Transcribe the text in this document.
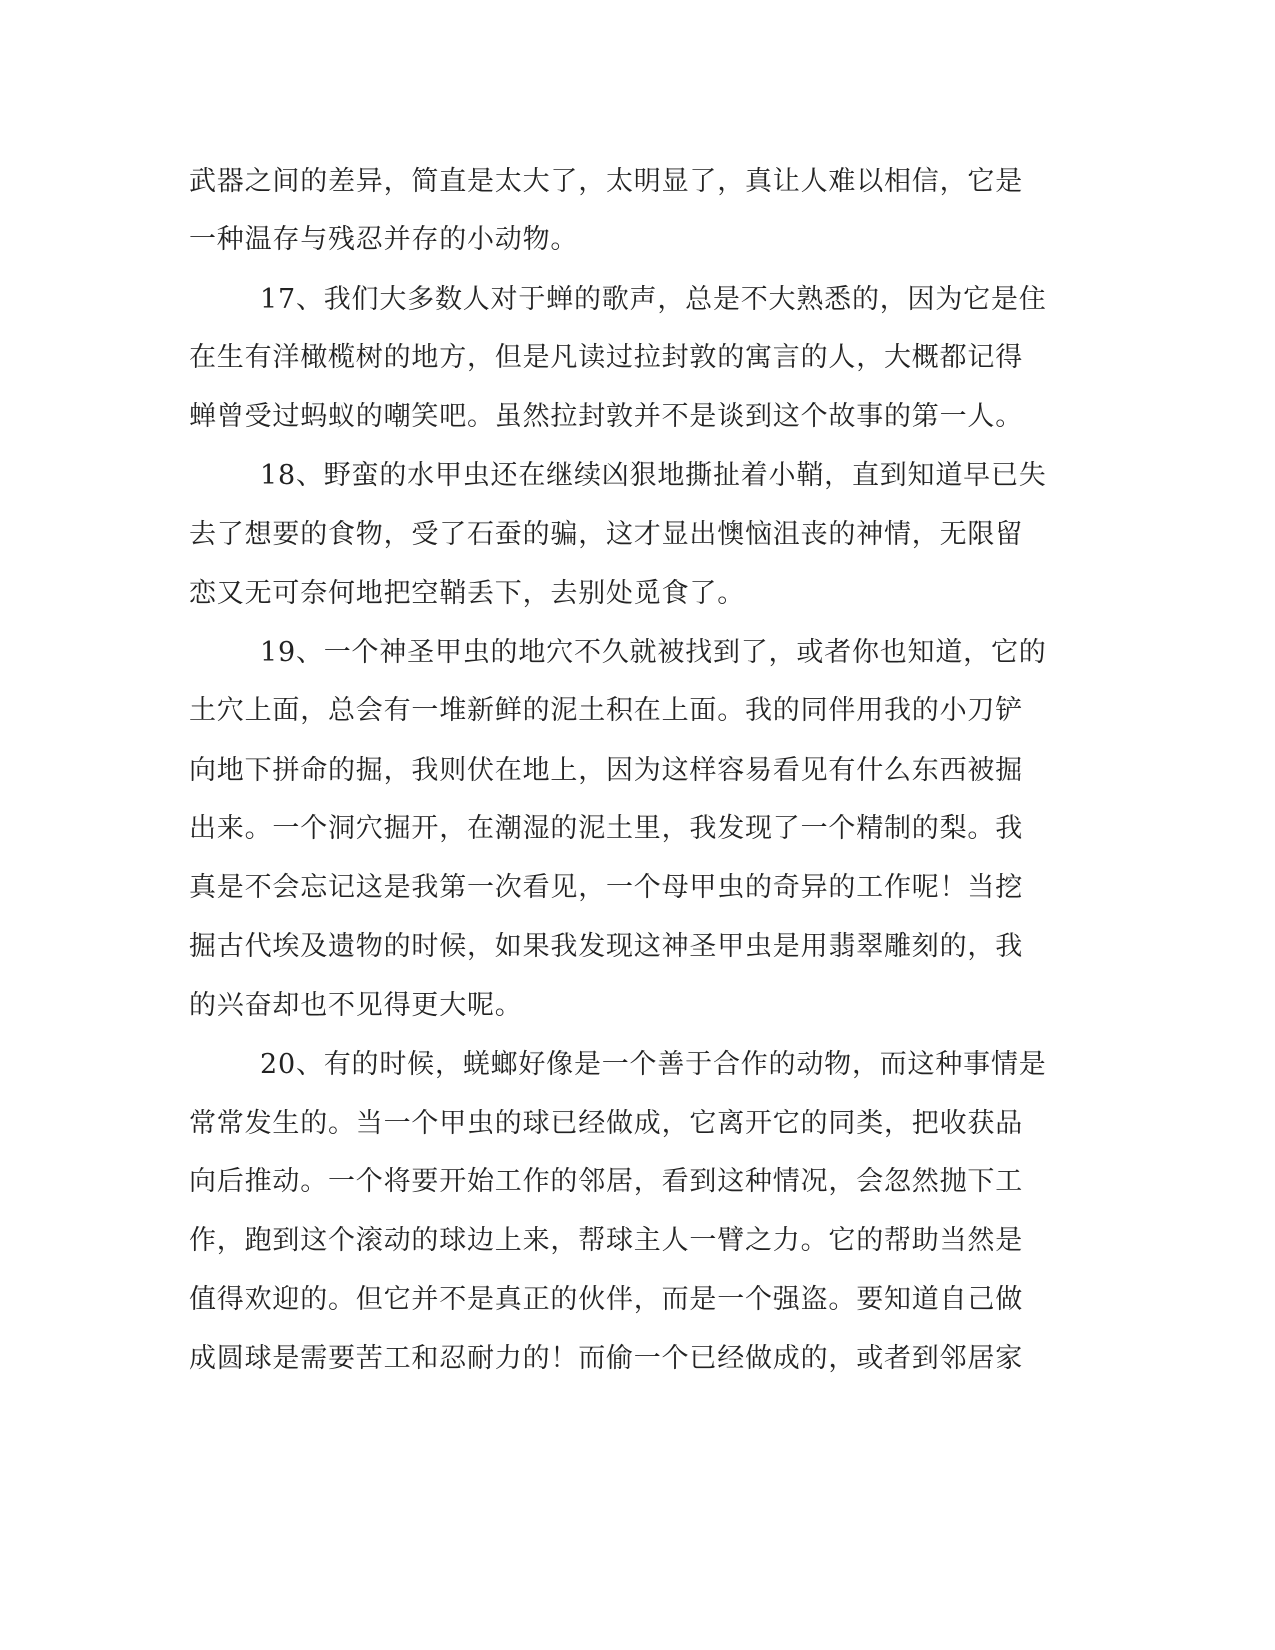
武器之间的差异，简直是太大了，太明显了，真让人难以相信，它是
一种温存与残忍并存的小动物。
17、我们大多数人对于蝉的歌声，总是不大熟悉的，因为它是住
在生有洋橄榄树的地方，但是凡读过拉封敦的寓言的人，大概都记得
蝉曾受过蚂蚁的嘲笑吧。虽然拉封敦并不是谈到这个故事的第一人。
18、野蛮的水甲虫还在继续凶狠地撕扯着小鞘，直到知道早已失
去了想要的食物，受了石蚕的骗，这才显出懊恼沮丧的神情，无限留
恋又无可奈何地把空鞘丢下，去别处觅食了。
19、一个神圣甲虫的地穴不久就被找到了，或者你也知道，它的
土穴上面，总会有一堆新鲜的泥土积在上面。我的同伴用我的小刀铲
向地下拼命的掘，我则伏在地上，因为这样容易看见有什么东西被掘
出来。一个洞穴掘开，在潮湿的泥土里，我发现了一个精制的梨。我
真是不会忘记这是我第一次看见，一个母甲虫的奇异的工作呢！当挖
掘古代埃及遗物的时候，如果我发现这神圣甲虫是用翡翠雕刻的，我
的兴奋却也不见得更大呢。
20、有的时候，蜣螂好像是一个善于合作的动物，而这种事情是
常常发生的。当一个甲虫的球已经做成，它离开它的同类，把收获品
向后推动。一个将要开始工作的邻居，看到这种情况，会忽然抛下工
作，跑到这个滚动的球边上来，帮球主人一臂之力。它的帮助当然是
值得欢迎的。但它并不是真正的伙伴，而是一个强盗。要知道自己做
成圆球是需要苦工和忍耐力的！而偷一个已经做成的，或者到邻居家
